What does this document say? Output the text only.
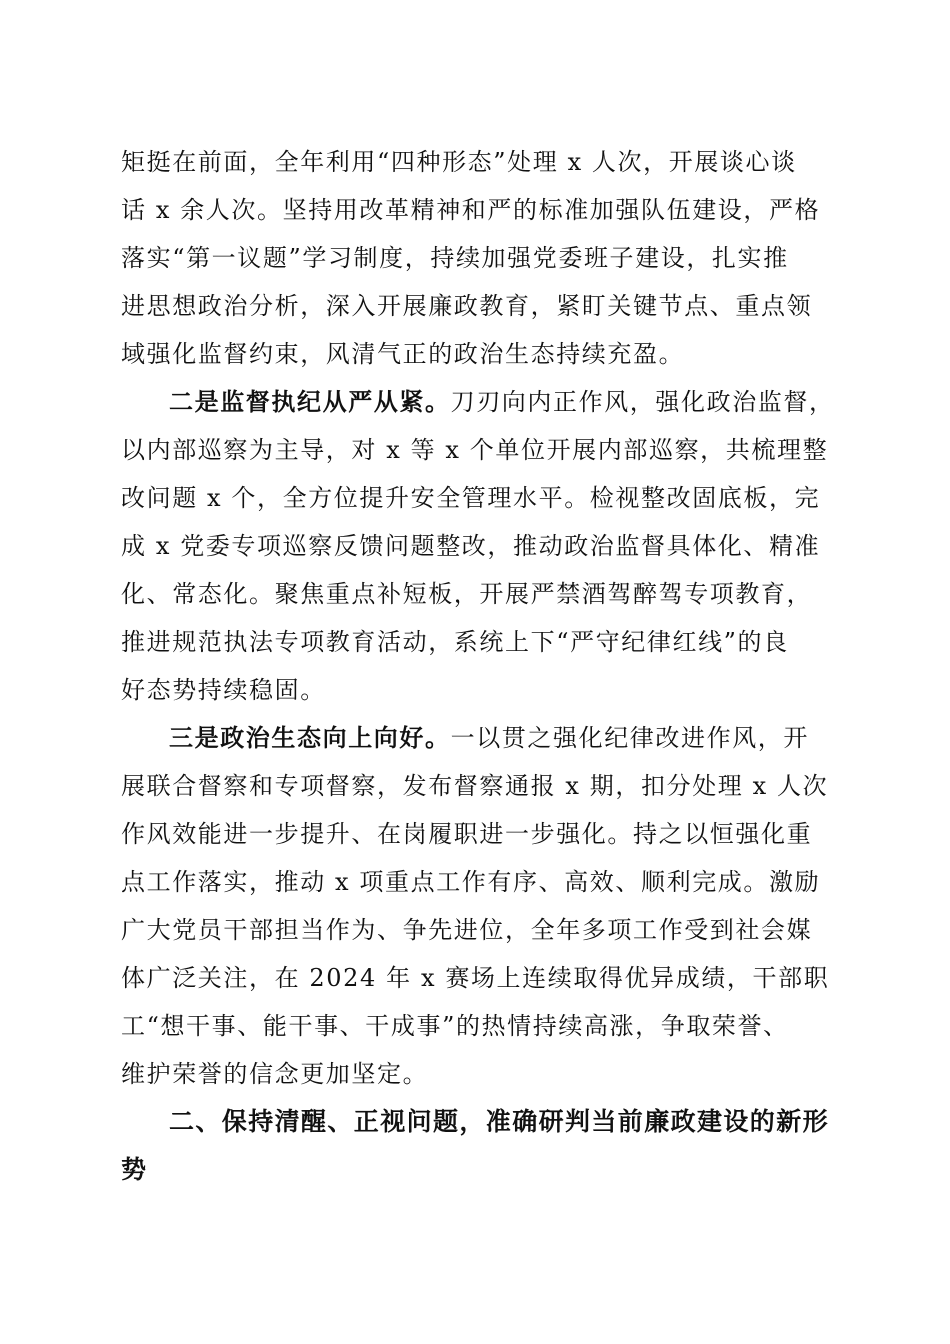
矩挺在前面，全年利用“四种形态”处理 x 人次，开展谈心谈
话 x 余人次。坚持用改革精神和严的标准加强队伍建设，严格
落实“第一议题”学习制度，持续加强党委班子建设，扎实推
进思想政治分析，深入开展廉政教育，紧盯关键节点、重点领
域强化监督约束，风清气正的政治生态持续充盈。
二是监督执纪从严从紧。刀刃向内正作风，强化政治监督，
以内部巡察为主导，对 x 等 x 个单位开展内部巡察，共梳理整
改问题 x 个，全方位提升安全管理水平。检视整改固底板，完
成 x 党委专项巡察反馈问题整改，推动政治监督具体化、精准
化、常态化。聚焦重点补短板，开展严禁酒驾醉驾专项教育，
推进规范执法专项教育活动，系统上下“严守纪律红线”的良
好态势持续稳固。
三是政治生态向上向好。一以贯之强化纪律改进作风，开
展联合督察和专项督察，发布督察通报 x 期，扣分处理 x 人次
作风效能进一步提升、在岗履职进一步强化。持之以恒强化重
点工作落实，推动 x 项重点工作有序、高效、顺利完成。激励
广大党员干部担当作为、争先进位，全年多项工作受到社会媒
体广泛关注，在 2024 年 x 赛场上连续取得优异成绩，干部职
工“想干事、能干事、干成事”的热情持续高涨，争取荣誉、
维护荣誉的信念更加坚定。
二、保持清醒、正视问题，准确研判当前廉政建设的新形
势
